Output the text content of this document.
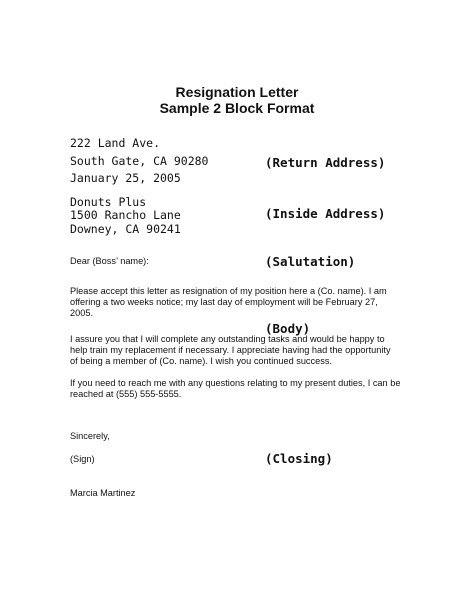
Resignation Letter
Sample 2 Block Format
222 Land Ave.
South Gate, CA 90280
January 25, 2005
(Return Address)
Donuts Plus
1500 Rancho Lane
Downey, CA 90241
(Inside Address)
Dear (Boss’ name):	(Salutation)
Please accept this letter as resignation of my position here a (Co. name). I am
offering a two weeks notice; my last day of employment will be February 27,
2005.
(Body)
I assure you that I will complete any outstanding tasks and would be happy to
help train my replacement if necessary. I appreciate having had the opportunity
of being a member of (Co. name). I wish you continued success.
If you need to reach me with any questions relating to my present duties, I can be
reached at (555) 555-5555.
Sincerely,
(Sign)	(Closing)
Marcia Martinez
